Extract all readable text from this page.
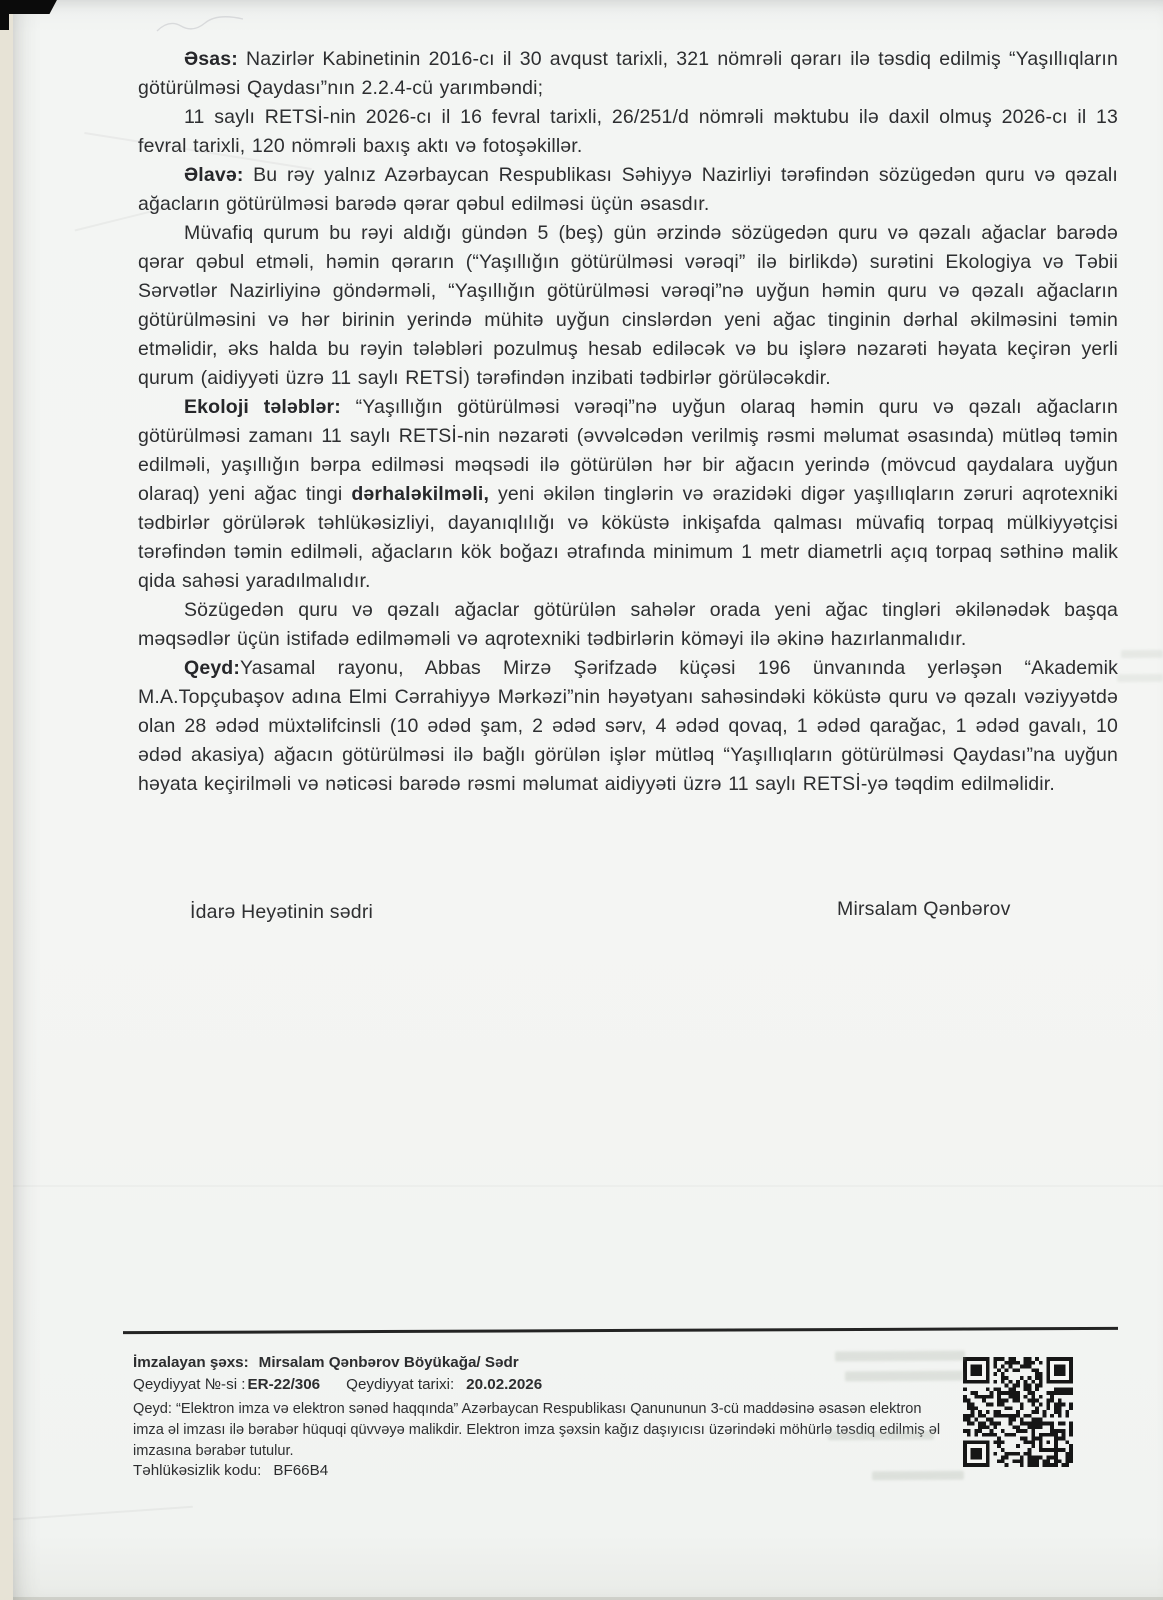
Əsas: Nazirlər Kabinetinin 2016-cı il 30 avqust tarixli, 321 nömrəli qərarı ilə təsdiq edilmiş “Yaşıllıqların götürülməsi Qaydası”nın 2.2.4-cü yarımbəndi;

11 saylı RETSİ-nin 2026-cı il 16 fevral tarixli, 26/251/d nömrəli məktubu ilə daxil olmuş 2026-cı il 13 fevral tarixli, 120 nömrəli baxış aktı və fotoşəkillər.

Əlavə: Bu rəy yalnız Azərbaycan Respublikası Səhiyyə Nazirliyi tərəfindən sözügedən quru və qəzalı ağacların götürülməsi barədə qərar qəbul edilməsi üçün əsasdır.

Müvafiq qurum bu rəyi aldığı gündən 5 (beş) gün ərzində sözügedən quru və qəzalı ağaclar barədə qərar qəbul etməli, həmin qərarın (“Yaşıllığın götürülməsi vərəqi” ilə birlikdə) surətini Ekologiya və Təbii Sərvətlər Nazirliyinə göndərməli, “Yaşıllığın götürülməsi vərəqi”nə uyğun həmin quru və qəzalı ağacların götürülməsini və hər birinin yerində mühitə uyğun cinslərdən yeni ağac tinginin dərhal əkilməsini təmin etməlidir, əks halda bu rəyin tələbləri pozulmuş hesab ediləcək və bu işlərə nəzarəti həyata keçirən yerli qurum (aidiyyəti üzrə 11 saylı RETSİ) tərəfindən inzibati tədbirlər görüləcəkdir.

Ekoloji tələblər: “Yaşıllığın götürülməsi vərəqi”nə uyğun olaraq həmin quru və qəzalı ağacların götürülməsi zamanı 11 saylı RETSİ-nin nəzarəti (əvvəlcədən verilmiş rəsmi məlumat əsasında) mütləq təmin edilməli, yaşıllığın bərpa edilməsi məqsədi ilə götürülən hər bir ağacın yerində (mövcud qaydalara uyğun olaraq) yeni ağac tingi dərhaləkilməli, yeni əkilən tinglərin və ərazidəki digər yaşıllıqların zəruri aqrotexniki tədbirlər görülərək təhlükəsizliyi, dayanıqlılığı və köküstə inkişafda qalması müvafiq torpaq mülkiyyətçisi tərəfindən təmin edilməli, ağacların kök boğazı ətrafında minimum 1 metr diametrli açıq torpaq səthinə malik qida sahəsi yaradılmalıdır.

Sözügedən quru və qəzalı ağaclar götürülən sahələr orada yeni ağac tingləri əkilənədək başqa məqsədlər üçün istifadə edilməməli və aqrotexniki tədbirlərin köməyi ilə əkinə hazırlanmalıdır.

Qeyd:Yasamal rayonu, Abbas Mirzə Şərifzadə küçəsi 196 ünvanında yerləşən “Akademik M.A.Topçubaşov adına Elmi Cərrahiyyə Mərkəzi”nin həyətyanı sahəsindəki köküstə quru və qəzalı vəziyyətdə olan 28 ədəd müxtəlifcinsli (10 ədəd şam, 2 ədəd sərv, 4 ədəd qovaq, 1 ədəd qarağac, 1 ədəd gavalı, 10 ədəd akasiya) ağacın götürülməsi ilə bağlı görülən işlər mütləq “Yaşıllıqların götürülməsi Qaydası”na uyğun həyata keçirilməli və nəticəsi barədə rəsmi məlumat aidiyyəti üzrə 11 saylı RETSİ-yə təqdim edilməlidir.

İdarə Heyətinin sədri	Mirsalam Qənbərov
İmzalayan şəxs: Mirsalam Qənbərov Böyükağa/ Sədr
Qeydiyyat №-si : ER-22/306 Qeydiyyat tarixi: 20.02.2026
Qeyd: “Elektron imza və elektron sənəd haqqında” Azərbaycan Respublikası Qanununun 3-cü maddəsinə əsasən elektron imza əl imzası ilə bərabər hüquqi qüvvəyə malikdir. Elektron imza şəxsin kağız daşıyıcısı üzərindəki möhürlə təsdiq edilmiş əl imzasına bərabər tutulur.
Təhlükəsizlik kodu: BF66B4
